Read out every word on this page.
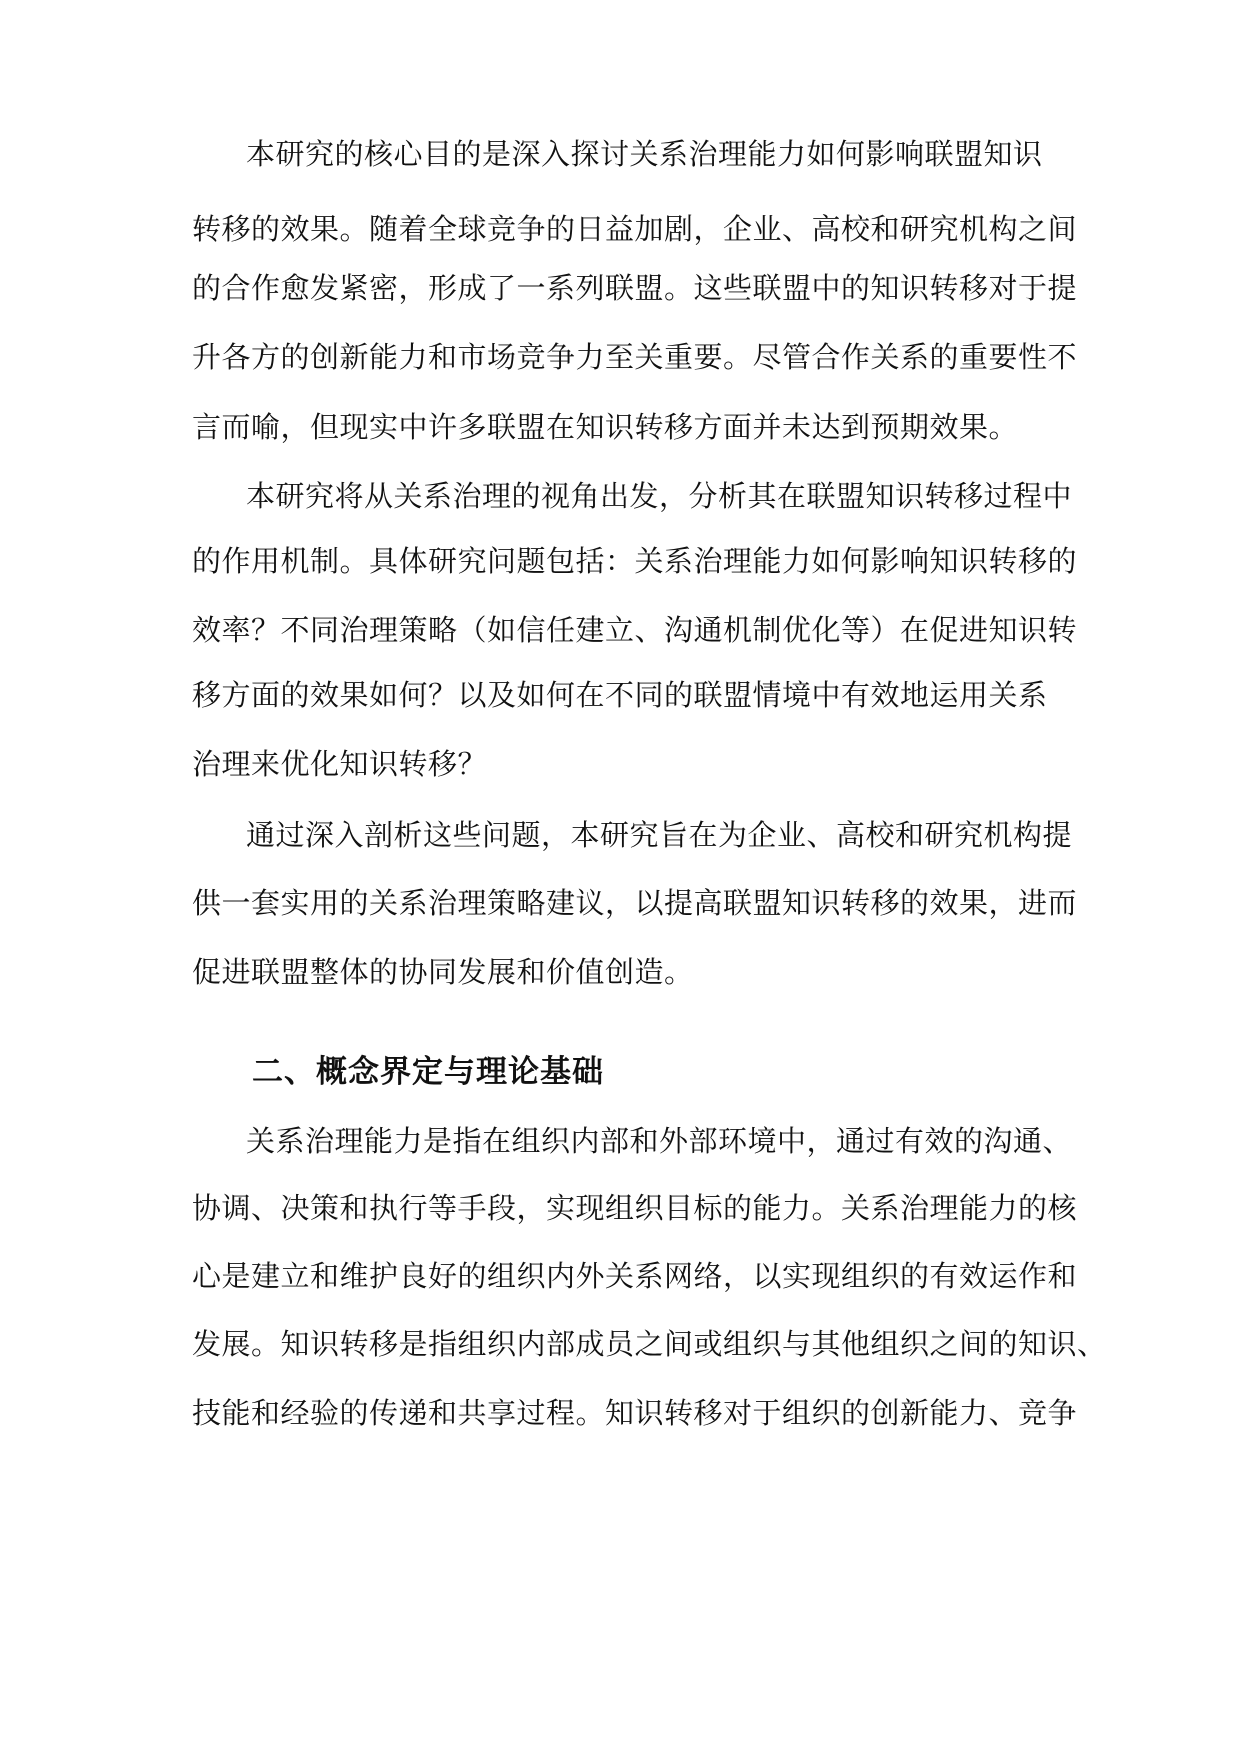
本研究的核心目的是深入探讨关系治理能力如何影响联盟知识
转移的效果。随着全球竞争的日益加剧，企业、高校和研究机构之间
的合作愈发紧密，形成了一系列联盟。这些联盟中的知识转移对于提
升各方的创新能力和市场竞争力至关重要。尽管合作关系的重要性不
言而喻，但现实中许多联盟在知识转移方面并未达到预期效果。
本研究将从关系治理的视角出发，分析其在联盟知识转移过程中
的作用机制。具体研究问题包括：关系治理能力如何影响知识转移的
效率？不同治理策略（如信任建立、沟通机制优化等）在促进知识转
移方面的效果如何？以及如何在不同的联盟情境中有效地运用关系
治理来优化知识转移？
通过深入剖析这些问题，本研究旨在为企业、高校和研究机构提
供一套实用的关系治理策略建议，以提高联盟知识转移的效果，进而
促进联盟整体的协同发展和价值创造。
二、概念界定与理论基础
关系治理能力是指在组织内部和外部环境中，通过有效的沟通、
协调、决策和执行等手段，实现组织目标的能力。关系治理能力的核
心是建立和维护良好的组织内外关系网络，以实现组织的有效运作和
发展。知识转移是指组织内部成员之间或组织与其他组织之间的知识、
技能和经验的传递和共享过程。知识转移对于组织的创新能力、竞争
